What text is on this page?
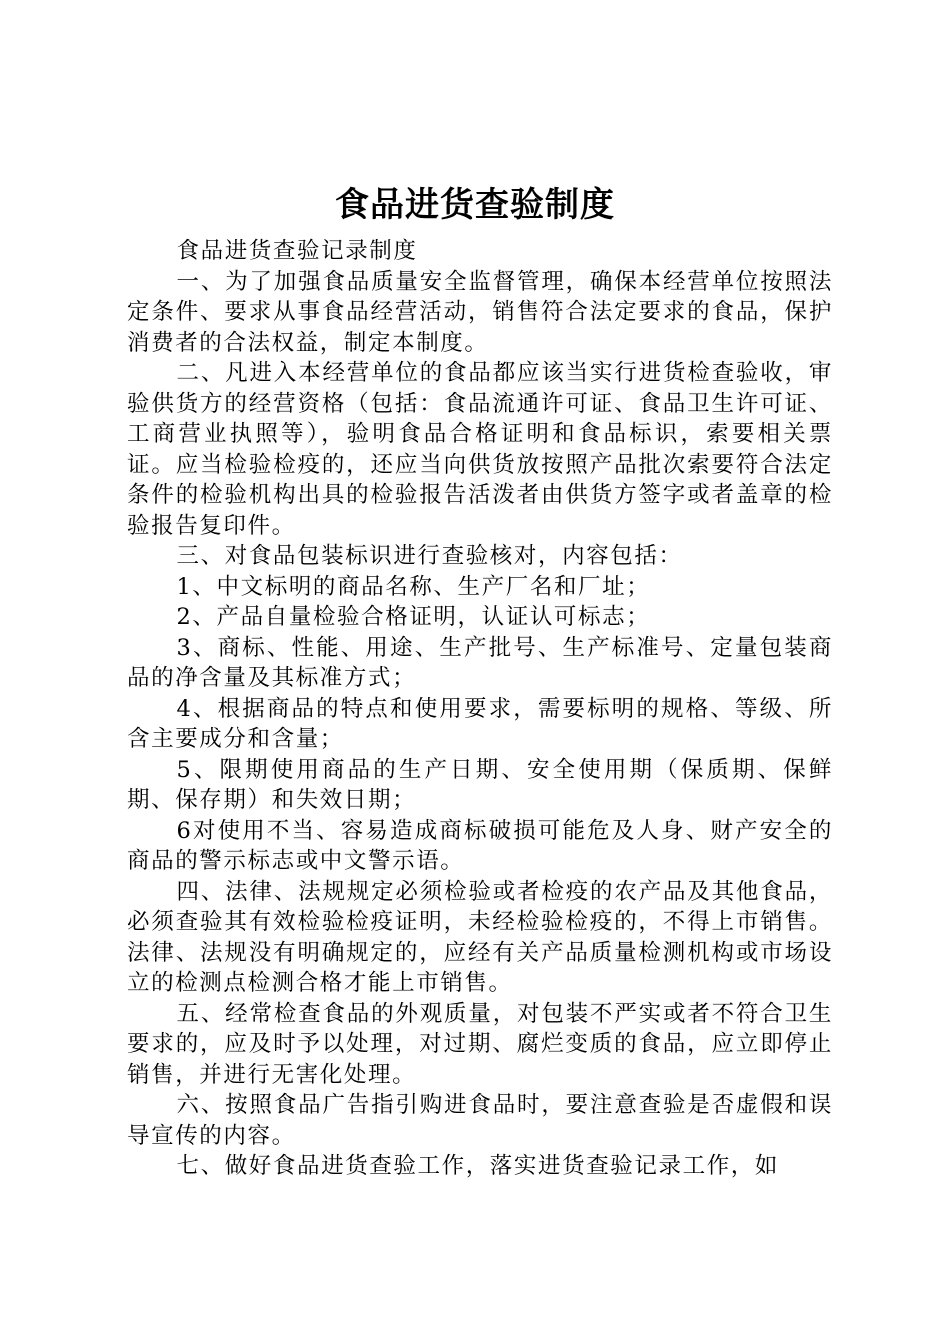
食品进货查验制度

食品进货查验记录制度

一、为了加强食品质量安全监督管理，确保本经营单位按照法定条件、要求从事食品经营活动，销售符合法定要求的食品，保护消费者的合法权益，制定本制度。

二、凡进入本经营单位的食品都应该当实行进货检查验收，审验供货方的经营资格（包括：食品流通许可证、食品卫生许可证、工商营业执照等），验明食品合格证明和食品标识，索要相关票证。应当检验检疫的，还应当向供货放按照产品批次索要符合法定条件的检验机构出具的检验报告活泼者由供货方签字或者盖章的检验报告复印件。

三、对食品包装标识进行查验核对，内容包括：

1、中文标明的商品名称、生产厂名和厂址；

2、产品自量检验合格证明，认证认可标志；

3、商标、性能、用途、生产批号、生产标准号、定量包装商品的净含量及其标准方式；

4、根据商品的特点和使用要求，需要标明的规格、等级、所含主要成分和含量；

5、限期使用商品的生产日期、安全使用期（保质期、保鲜期、保存期）和失效日期；

6对使用不当、容易造成商标破损可能危及人身、财产安全的商品的警示标志或中文警示语。

四、法律、法规规定必须检验或者检疫的农产品及其他食品，必须查验其有效检验检疫证明，未经检验检疫的，不得上市销售。法律、法规没有明确规定的，应经有关产品质量检测机构或市场设立的检测点检测合格才能上市销售。

五、经常检查食品的外观质量，对包装不严实或者不符合卫生要求的，应及时予以处理，对过期、腐烂变质的食品，应立即停止销售，并进行无害化处理。

六、按照食品广告指引购进食品时，要注意查验是否虚假和误导宣传的内容。

七、做好食品进货查验工作，落实进货查验记录工作，如
